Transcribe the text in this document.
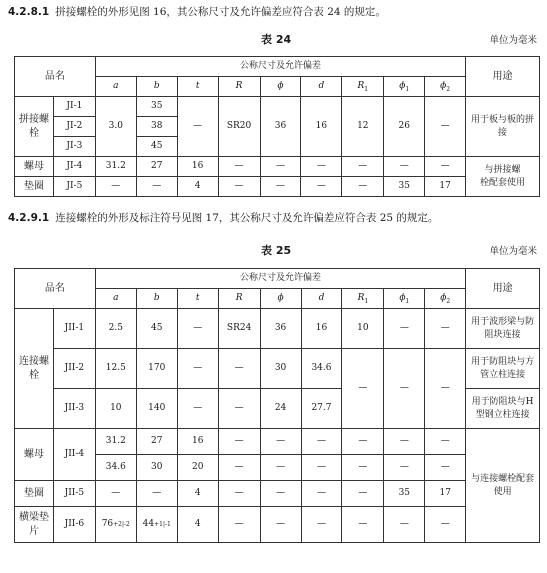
4.2.8.1 拼接螺栓的外形见图 16，其公称尺寸及允许偏差应符合表 24 的规定。
表 24	单位为毫米
品名		公称尺寸及允许偏差									用途
		a	b	t	R	ϕ	d	$R_1$	$\phi_1$	$\phi_2$
拼接螺栓	JI-1	3.0	35	—	SR20	36	16	12	26	—	用于板与板的拼接
	JI-2		38								
	JI-3		45								
螺母	JI-4	31.2	27	16	—	—	—	—	—	—	与拼接螺
栓配套使用
垫圈	JI-5	—	—	4	—	—	—	—	35	17	
4.2.9.1 连接螺栓的外形及标注符号见图 17，其公称尺寸及允许偏差应符合表 25 的规定。
表 25	单位为毫米
品名		公称尺寸及允许偏差									用途
		a	b	t	R	ϕ	d	$R_1$	$\phi_1$	$\phi_2$
连接螺栓	JII-1	2.5	45	—	SR24	36	16	10	—	—	用于波形梁与防阻块连接
	JII-2	12.5	170	—	—	30	34.6	—	—	—	用于防阻块与方管立柱连接
	JII-3	10	140	—	—	24	27.7				用于防阻块与H 型钢立柱连接
螺母	JII-4	31.2	27	16	—	—	—	—	—	—	与连接螺栓配套使用
		34.6	30	20	—	—	—	—	—	—	
垫圈	JII-5	—	—	4	—	—	—	—	35	17	
横梁垫片	JII-6	76+2|-2	44+1|-1	4	—	—	—	—	—	—	
